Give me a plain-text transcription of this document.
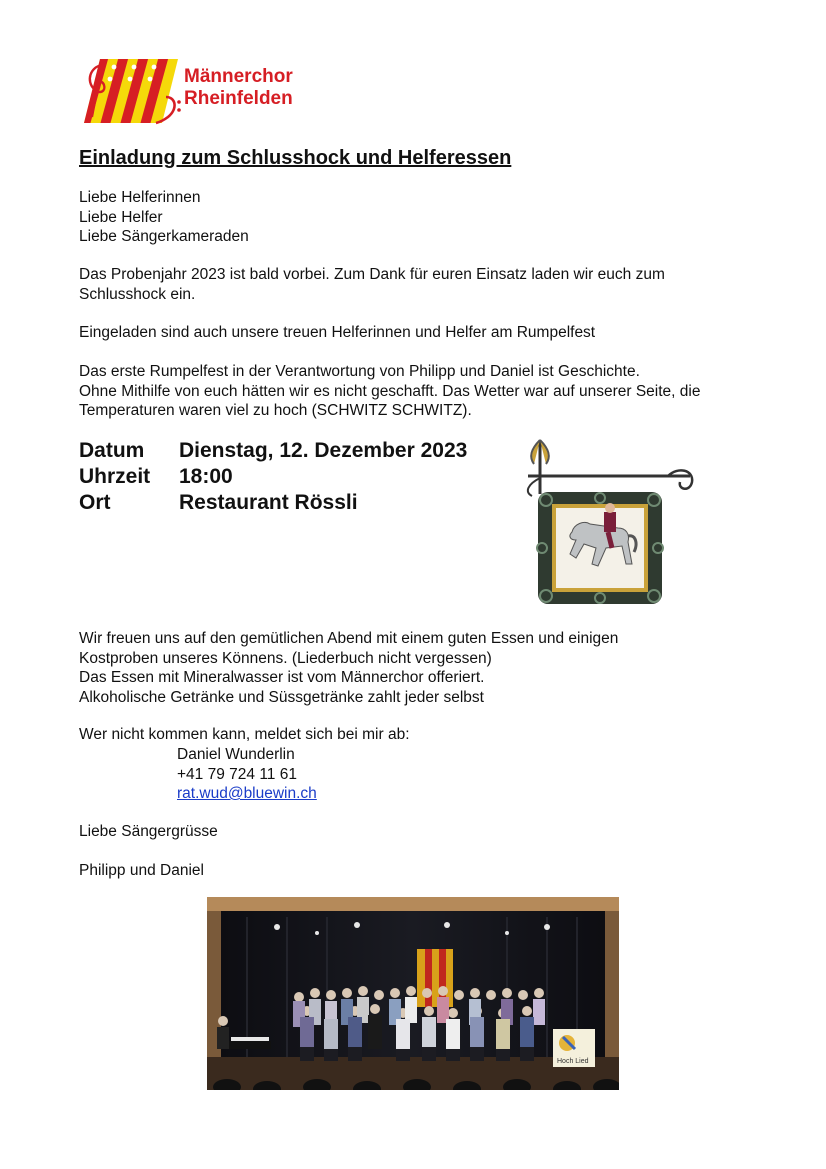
Männerchor
Rheinfelden
Einladung zum Schlusshock und Helferessen
Liebe Helferinnen
Liebe Helfer
Liebe Sängerkameraden
Das Probenjahr 2023 ist bald vorbei. Zum Dank für euren Einsatz laden wir euch zum
Schlusshock ein.
Eingeladen sind auch unsere treuen Helferinnen und Helfer am Rumpelfest
Das erste Rumpelfest in der Verantwortung von Philipp und Daniel ist Geschichte.
Ohne Mithilfe von euch hätten wir es nicht geschafft. Das Wetter war auf unserer Seite, die
Temperaturen waren viel zu hoch (SCHWITZ SCHWITZ).
Datum Dienstag, 12. Dezember 2023
Uhrzeit 18:00
Ort	Restaurant Rössli
Wir freuen uns auf den gemütlichen Abend mit einem guten Essen und einigen
Kostproben unseres Könnens. (Liederbuch nicht vergessen)
Das Essen mit Mineralwasser ist vom Männerchor offeriert.
Alkoholische Getränke und Süssgetränke zahlt jeder selbst
Wer nicht kommen kann, meldet sich bei mir ab:
Daniel Wunderlin
+41 79 724 11 61
rat.wud@bluewin.ch
Liebe Sängergrüsse
Philipp und Daniel
Hoch Lied
